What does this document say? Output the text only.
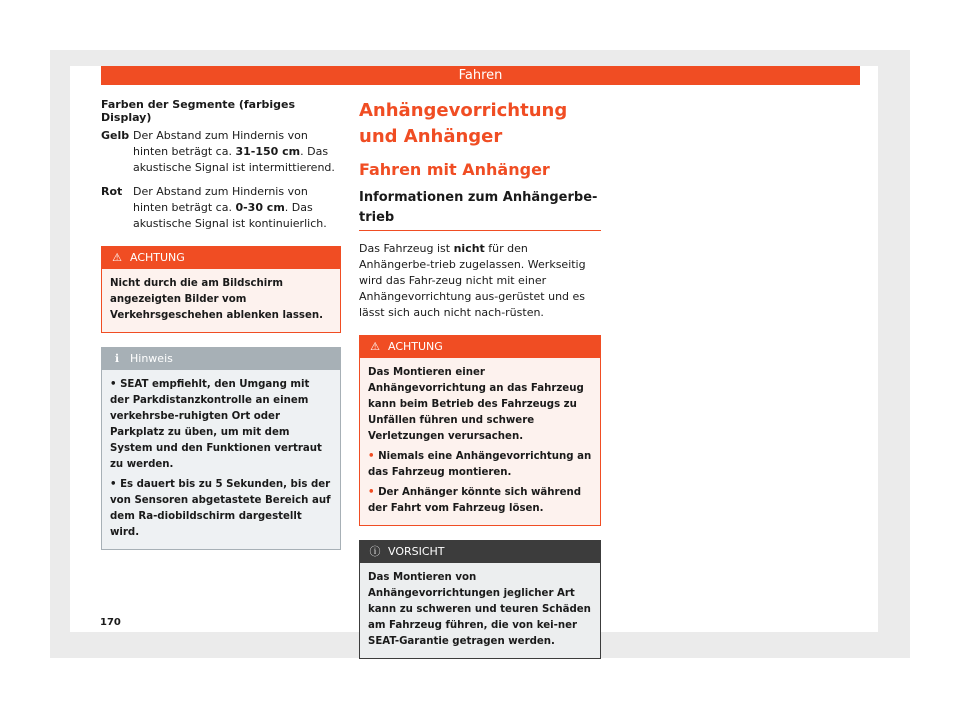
Fahren
Farben der Segmente (farbiges Display)
Gelb Der Abstand zum Hindernis von hinten beträgt ca. 31-150 cm. Das akustische Signal ist intermittierend.
Rot Der Abstand zum Hindernis von hinten beträgt ca. 0-30 cm. Das akustische Signal ist kontinuierlich.
⚠ ACHTUNG
Nicht durch die am Bildschirm angezeigten Bilder vom Verkehrsgeschehen ablenken lassen.
ℹ Hinweis
• SEAT empfiehlt, den Umgang mit der Parkdistanzkontrolle an einem verkehrsbe-ruhigten Ort oder Parkplatz zu üben, um mit dem System und den Funktionen vertraut zu werden.
• Es dauert bis zu 5 Sekunden, bis der von Sensoren abgetastete Bereich auf dem Ra-diobildschirm dargestellt wird.
Anhängevorrichtung und Anhänger
Fahren mit Anhänger
Informationen zum Anhängerbe-trieb
Das Fahrzeug ist nicht für den Anhängerbe-trieb zugelassen. Werkseitig wird das Fahr-zeug nicht mit einer Anhängevorrichtung aus-gerüstet und es lässt sich auch nicht nach-rüsten.
⚠ ACHTUNG
Das Montieren einer Anhängevorrichtung an das Fahrzeug kann beim Betrieb des Fahrzeugs zu Unfällen führen und schwere Verletzungen verursachen.
• Niemals eine Anhängevorrichtung an das Fahrzeug montieren.
• Der Anhänger könnte sich während der Fahrt vom Fahrzeug lösen.
ⓘ VORSICHT
Das Montieren von Anhängevorrichtungen jeglicher Art kann zu schweren und teuren Schäden am Fahrzeug führen, die von kei-ner SEAT-Garantie getragen werden.
170
